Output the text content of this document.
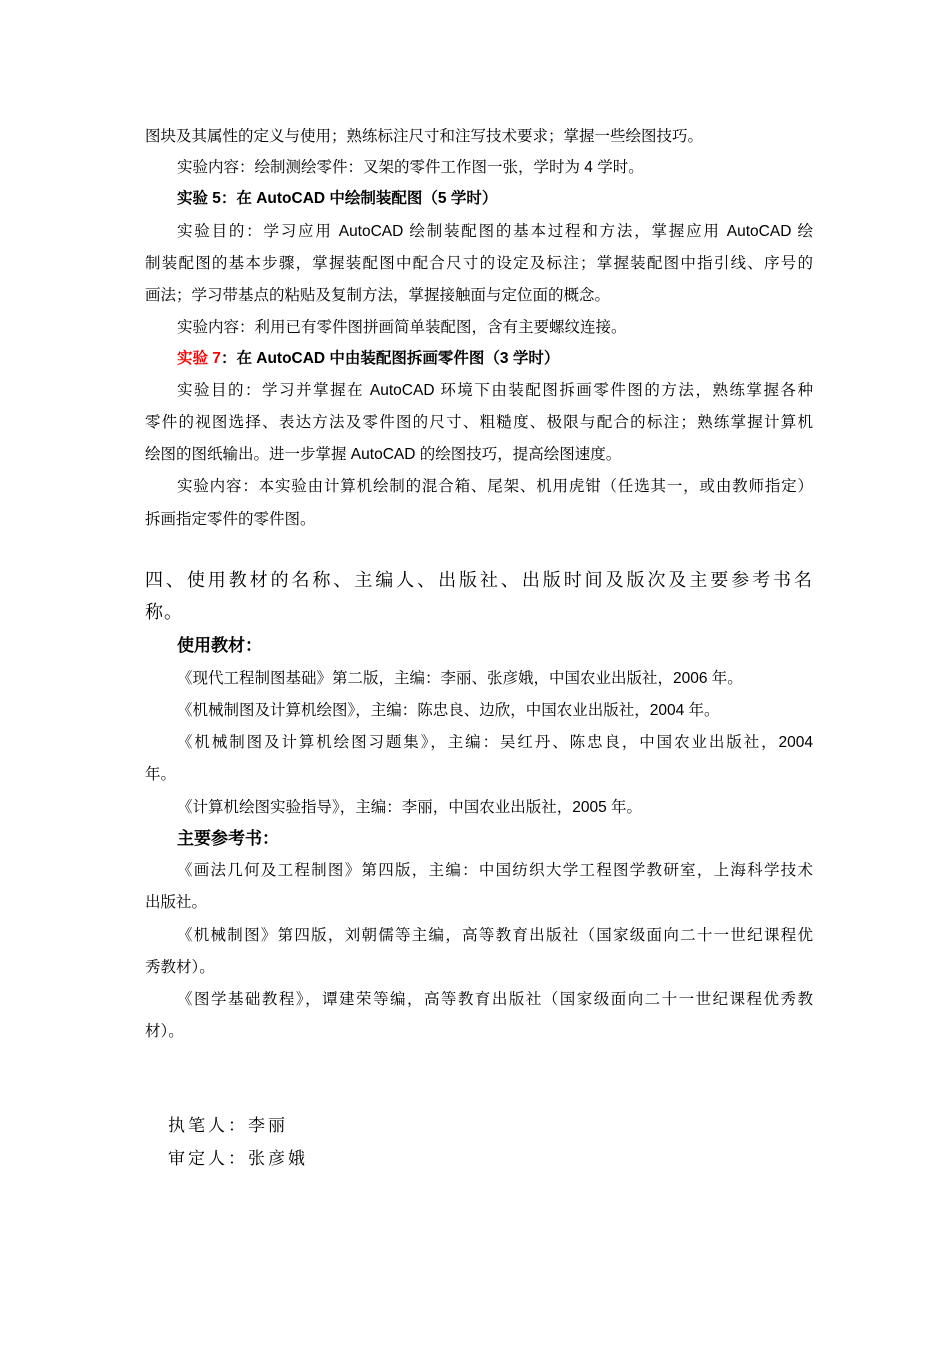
图块及其属性的定义与使用；熟练标注尺寸和注写技术要求；掌握一些绘图技巧。
实验内容：绘制测绘零件：叉架的零件工作图一张，学时为 4 学时。
实验 5：在 AutoCAD 中绘制装配图（5 学时）
实验目的：学习应用 AutoCAD 绘制装配图的基本过程和方法，掌握应用 AutoCAD 绘
制装配图的基本步骤，掌握装配图中配合尺寸的设定及标注；掌握装配图中指引线、序号的
画法；学习带基点的粘贴及复制方法，掌握接触面与定位面的概念。
实验内容：利用已有零件图拼画简单装配图，含有主要螺纹连接。
实验 7：在 AutoCAD 中由装配图拆画零件图（3 学时）
实验目的：学习并掌握在 AutoCAD 环境下由装配图拆画零件图的方法，熟练掌握各种
零件的视图选择、表达方法及零件图的尺寸、粗糙度、极限与配合的标注；熟练掌握计算机
绘图的图纸输出。进一步掌握 AutoCAD 的绘图技巧，提高绘图速度。
实验内容：本实验由计算机绘制的混合箱、尾架、机用虎钳（任选其一，或由教师指定）
拆画指定零件的零件图。
四、使用教材的名称、主编人、出版社、出版时间及版次及主要参考书名
称。
使用教材：
《现代工程制图基础》第二版，主编：李丽、张彦娥，中国农业出版社，2006 年。
《机械制图及计算机绘图》，主编：陈忠良、边欣，中国农业出版社，2004 年。
《机械制图及计算机绘图习题集》，主编：吴红丹、陈忠良，中国农业出版社，2004
年。
《计算机绘图实验指导》，主编：李丽，中国农业出版社，2005 年。
主要参考书：
《画法几何及工程制图》第四版，主编：中国纺织大学工程图学教研室，上海科学技术
出版社。
《机械制图》第四版，刘朝儒等主编，高等教育出版社（国家级面向二十一世纪课程优
秀教材）。
《图学基础教程》，谭建荣等编，高等教育出版社（国家级面向二十一世纪课程优秀教
材）。
执笔人：李丽
审定人：张彦娥
